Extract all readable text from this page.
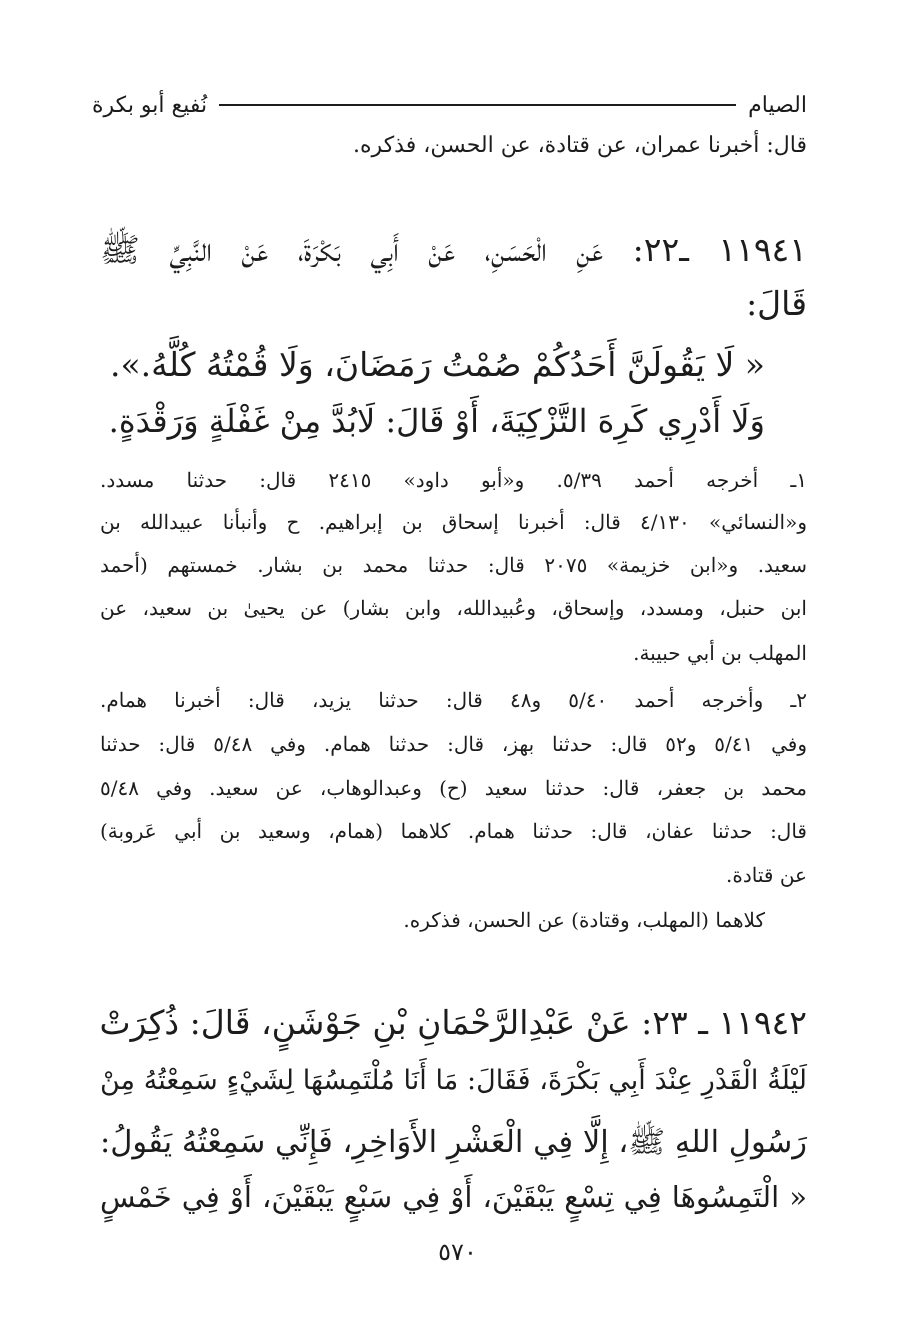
الصيام
نُفيع أبو بكرة
قال: أخبرنا عمران، عن قتادة، عن الحسن، فذكره.
١١٩٤١ ـ٢٢: عَنِ الْحَسَنِ، عَنْ أَبِي بَكْرَةَ، عَنْ النَّبِيِّ ﷺ
قَالَ:
« لَا يَقُولَنَّ أَحَدُكُمْ صُمْتُ رَمَضَانَ، وَلَا قُمْتُهُ كُلَّهُ.».
وَلَا أَدْرِي كَرِهَ التَّزْكِيَةَ، أَوْ قَالَ: لَابُدَّ مِنْ غَفْلَةٍ وَرَقْدَةٍ.
١ـ أخرجه أحمد ٥/٣٩. و«أبو داود» ٢٤١٥ قال: حدثنا مسدد.
و«النسائي» ٤/١٣٠ قال: أخبرنا إسحاق بن إبراهيم. ح وأنبأنا عبيدالله بن
سعيد. و«ابن خزيمة» ٢٠٧٥ قال: حدثنا محمد بن بشار. خمستهم (أحمد
ابن حنبل، ومسدد، وإسحاق، وعُبيدالله، وابن بشار) عن يحيىٰ بن سعيد، عن
المهلب بن أبي حبيبة.
٢ـ وأخرجه أحمد ٥/٤٠ و٤٨ قال: حدثنا يزيد، قال: أخبرنا همام.
وفي ٥/٤١ و٥٢ قال: حدثنا بهز، قال: حدثنا همام. وفي ٥/٤٨ قال: حدثنا
محمد بن جعفر، قال: حدثنا سعيد (ح) وعبدالوهاب، عن سعيد. وفي ٥/٤٨
قال: حدثنا عفان، قال: حدثنا همام. كلاهما (همام، وسعيد بن أبي عَروبة)
عن قتادة.
كلاهما (المهلب، وقتادة) عن الحسن، فذكره.
١١٩٤٢ ـ ٢٣: عَنْ عَبْدِالرَّحْمَانِ بْنِ جَوْشَنٍ، قَالَ: ذُكِرَتْ
لَيْلَةُ الْقَدْرِ عِنْدَ أَبِي بَكْرَةَ، فَقَالَ: مَا أَنَا مُلْتَمِسُهَا لِشَيْءٍ سَمِعْتُهُ مِنْ
رَسُولِ اللهِ ﷺ، إِلَّا فِي الْعَشْرِ الأَوَاخِرِ، فَإِنِّي سَمِعْتُهُ يَقُولُ:
« الْتَمِسُوهَا فِي تِسْعٍ يَبْقَيْنَ، أَوْ فِي سَبْعٍ يَبْقَيْنَ، أَوْ فِي خَمْسٍ
٥٧٠
